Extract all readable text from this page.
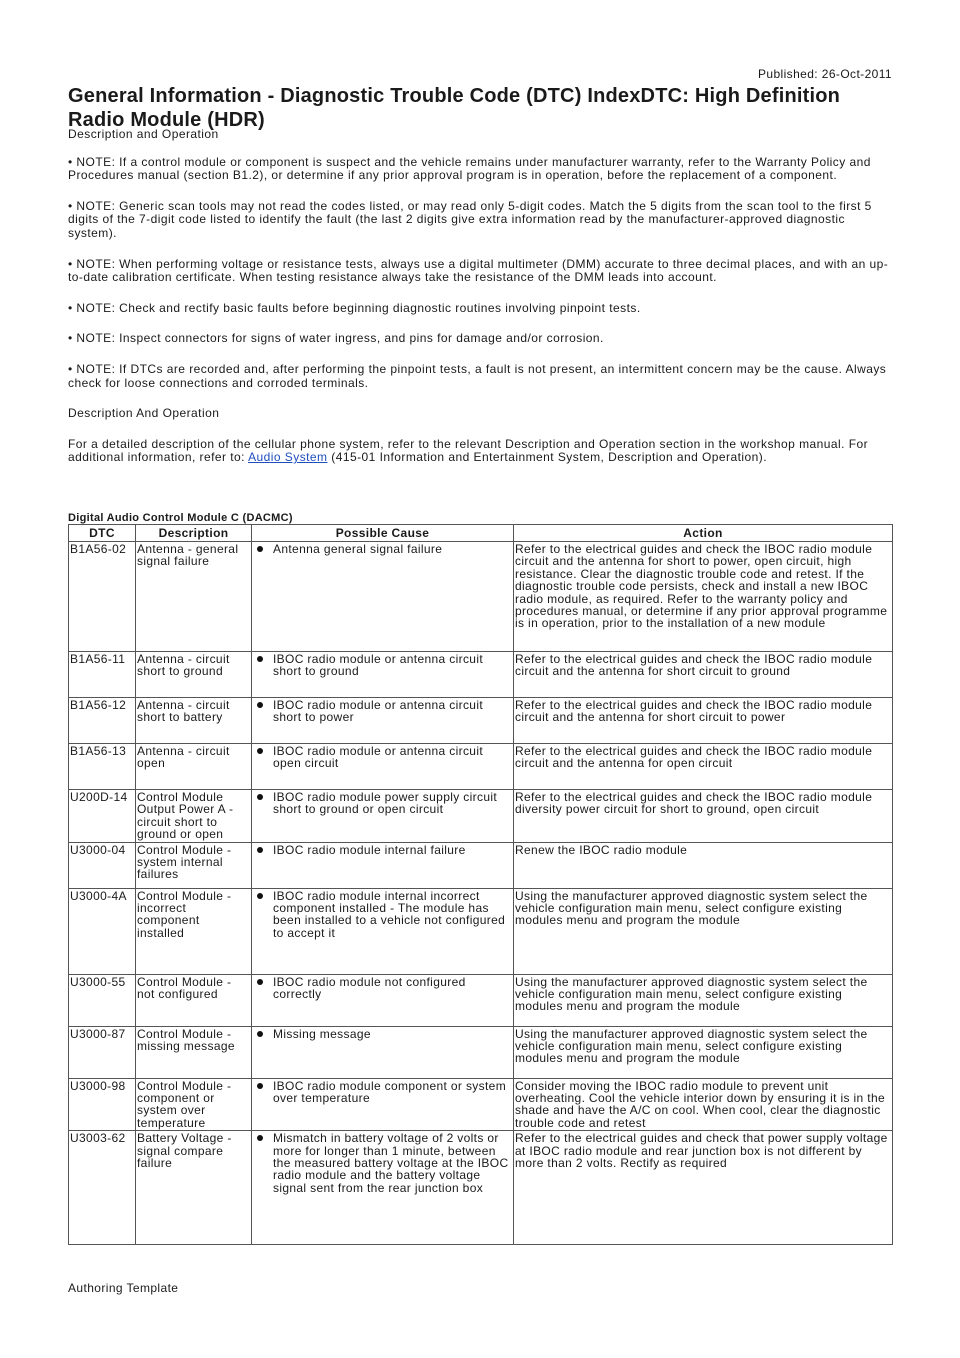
Published: 26-Oct-2011
General Information - Diagnostic Trouble Code (DTC) IndexDTC: High Definition Radio Module (HDR)

Description and Operation

• NOTE: If a control module or component is suspect and the vehicle remains under manufacturer warranty, refer to the Warranty Policy and Procedures manual (section B1.2), or determine if any prior approval program is in operation, before the replacement of a component.

• NOTE: Generic scan tools may not read the codes listed, or may read only 5-digit codes. Match the 5 digits from the scan tool to the first 5 digits of the 7-digit code listed to identify the fault (the last 2 digits give extra information read by the manufacturer-approved diagnostic system).

• NOTE: When performing voltage or resistance tests, always use a digital multimeter (DMM) accurate to three decimal places, and with an up-to-date calibration certificate. When testing resistance always take the resistance of the DMM leads into account.

• NOTE: Check and rectify basic faults before beginning diagnostic routines involving pinpoint tests.

• NOTE: Inspect connectors for signs of water ingress, and pins for damage and/or corrosion.

• NOTE: If DTCs are recorded and, after performing the pinpoint tests, a fault is not present, an intermittent concern may be the cause. Always check for loose connections and corroded terminals.

Description And Operation

For a detailed description of the cellular phone system, refer to the relevant Description and Operation section in the workshop manual. For additional information, refer to: Audio System (415-01 Information and Entertainment System, Description and Operation).

Digital Audio Control Module C (DACMC)
DTC	Description	Possible Cause	Action
B1A56-02	Antenna - general signal failure	Antenna general signal failure	Refer to the electrical guides and check the IBOC radio module circuit and the antenna for short to power, open circuit, high resistance. Clear the diagnostic trouble code and retest. If the diagnostic trouble code persists, check and install a new IBOC radio module, as required. Refer to the warranty policy and procedures manual, or determine if any prior approval programme is in operation, prior to the installation of a new module
B1A56-11	Antenna - circuit short to ground	IBOC radio module or antenna circuit short to ground	Refer to the electrical guides and check the IBOC radio module circuit and the antenna for short circuit to ground
B1A56-12	Antenna - circuit short to battery	IBOC radio module or antenna circuit short to power	Refer to the electrical guides and check the IBOC radio module circuit and the antenna for short circuit to power
B1A56-13	Antenna - circuit open	IBOC radio module or antenna circuit open circuit	Refer to the electrical guides and check the IBOC radio module circuit and the antenna for open circuit
U200D-14	Control Module Output Power A - circuit short to ground or open	IBOC radio module power supply circuit short to ground or open circuit	Refer to the electrical guides and check the IBOC radio module diversity power circuit for short to ground, open circuit
U3000-04	Control Module - system internal failures	IBOC radio module internal failure	Renew the IBOC radio module
U3000-4A	Control Module - incorrect component installed	IBOC radio module internal incorrect component installed - The module has been installed to a vehicle not configured to accept it	Using the manufacturer approved diagnostic system select the vehicle configuration main menu, select configure existing modules menu and program the module
U3000-55	Control Module - not configured	IBOC radio module not configured correctly	Using the manufacturer approved diagnostic system select the vehicle configuration main menu, select configure existing modules menu and program the module
U3000-87	Control Module - missing message	Missing message	Using the manufacturer approved diagnostic system select the vehicle configuration main menu, select configure existing modules menu and program the module
U3000-98	Control Module - component or system over temperature	IBOC radio module component or system over temperature	Consider moving the IBOC radio module to prevent unit overheating. Cool the vehicle interior down by ensuring it is in the shade and have the A/C on cool. When cool, clear the diagnostic trouble code and retest
U3003-62	Battery Voltage - signal compare failure	Mismatch in battery voltage of 2 volts or more for longer than 1 minute, between the measured battery voltage at the IBOC radio module and the battery voltage signal sent from the rear junction box	Refer to the electrical guides and check that power supply voltage at IBOC radio module and rear junction box is not different by more than 2 volts. Rectify as required
Authoring Template
